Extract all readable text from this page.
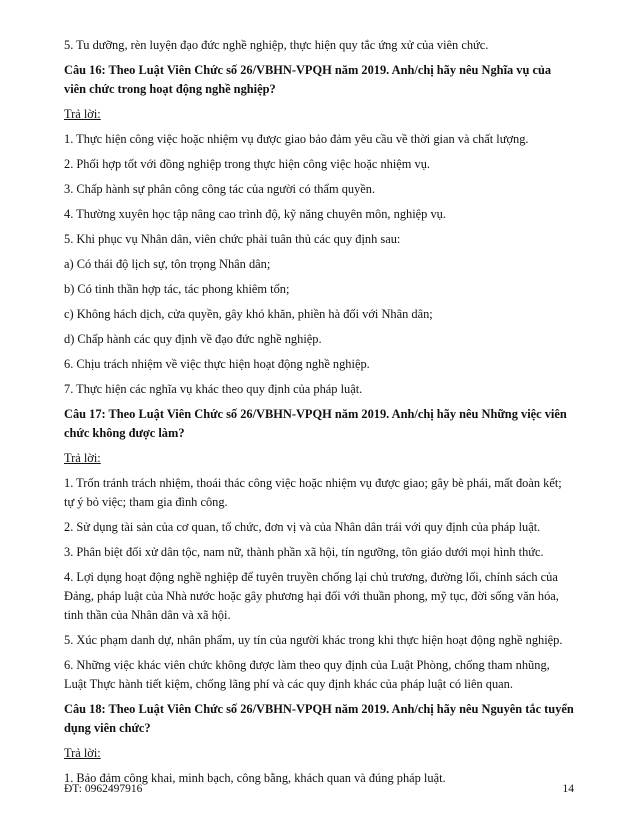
5. Tu dưỡng, rèn luyện đạo đức nghề nghiệp, thực hiện quy tắc ứng xử của viên chức.

Câu 16: Theo Luật Viên Chức số 26/VBHN-VPQH năm 2019. Anh/chị hãy nêu Nghĩa vụ của viên chức trong hoạt động nghề nghiệp?

Trả lời:

1. Thực hiện công việc hoặc nhiệm vụ được giao bảo đảm yêu cầu về thời gian và chất lượng.

2. Phối hợp tốt với đồng nghiệp trong thực hiện công việc hoặc nhiệm vụ.

3. Chấp hành sự phân công công tác của người có thẩm quyền.

4. Thường xuyên học tập nâng cao trình độ, kỹ năng chuyên môn, nghiệp vụ.

5. Khi phục vụ Nhân dân, viên chức phải tuân thủ các quy định sau:

a) Có thái độ lịch sự, tôn trọng Nhân dân;

b) Có tinh thần hợp tác, tác phong khiêm tốn;

c) Không hách dịch, cửa quyền, gây khó khăn, phiền hà đối với Nhân dân;

d) Chấp hành các quy định về đạo đức nghề nghiệp.

6. Chịu trách nhiệm về việc thực hiện hoạt động nghề nghiệp.

7. Thực hiện các nghĩa vụ khác theo quy định của pháp luật.

Câu 17: Theo Luật Viên Chức số 26/VBHN-VPQH năm 2019. Anh/chị hãy nêu Những việc viên chức không được làm?

Trả lời:

1. Trốn tránh trách nhiệm, thoái thác công việc hoặc nhiệm vụ được giao; gây bè phái, mất đoàn kết; tự ý bỏ việc; tham gia đình công.

2. Sử dụng tài sản của cơ quan, tổ chức, đơn vị và của Nhân dân trái với quy định của pháp luật.

3. Phân biệt đối xử dân tộc, nam nữ, thành phần xã hội, tín ngưỡng, tôn giáo dưới mọi hình thức.

4. Lợi dụng hoạt động nghề nghiệp để tuyên truyền chống lại chủ trương, đường lối, chính sách của Đảng, pháp luật của Nhà nước hoặc gây phương hại đối với thuần phong, mỹ tục, đời sống văn hóa, tinh thần của Nhân dân và xã hội.

5. Xúc phạm danh dự, nhân phẩm, uy tín của người khác trong khi thực hiện hoạt động nghề nghiệp.

6. Những việc khác viên chức không được làm theo quy định của Luật Phòng, chống tham nhũng, Luật Thực hành tiết kiệm, chống lãng phí và các quy định khác của pháp luật có liên quan.

Câu 18: Theo Luật Viên Chức số 26/VBHN-VPQH năm 2019. Anh/chị hãy nêu Nguyên tắc tuyển dụng viên chức?

Trả lời:

1. Bảo đảm công khai, minh bạch, công bằng, khách quan và đúng pháp luật.

ĐT: 0962497916	14
